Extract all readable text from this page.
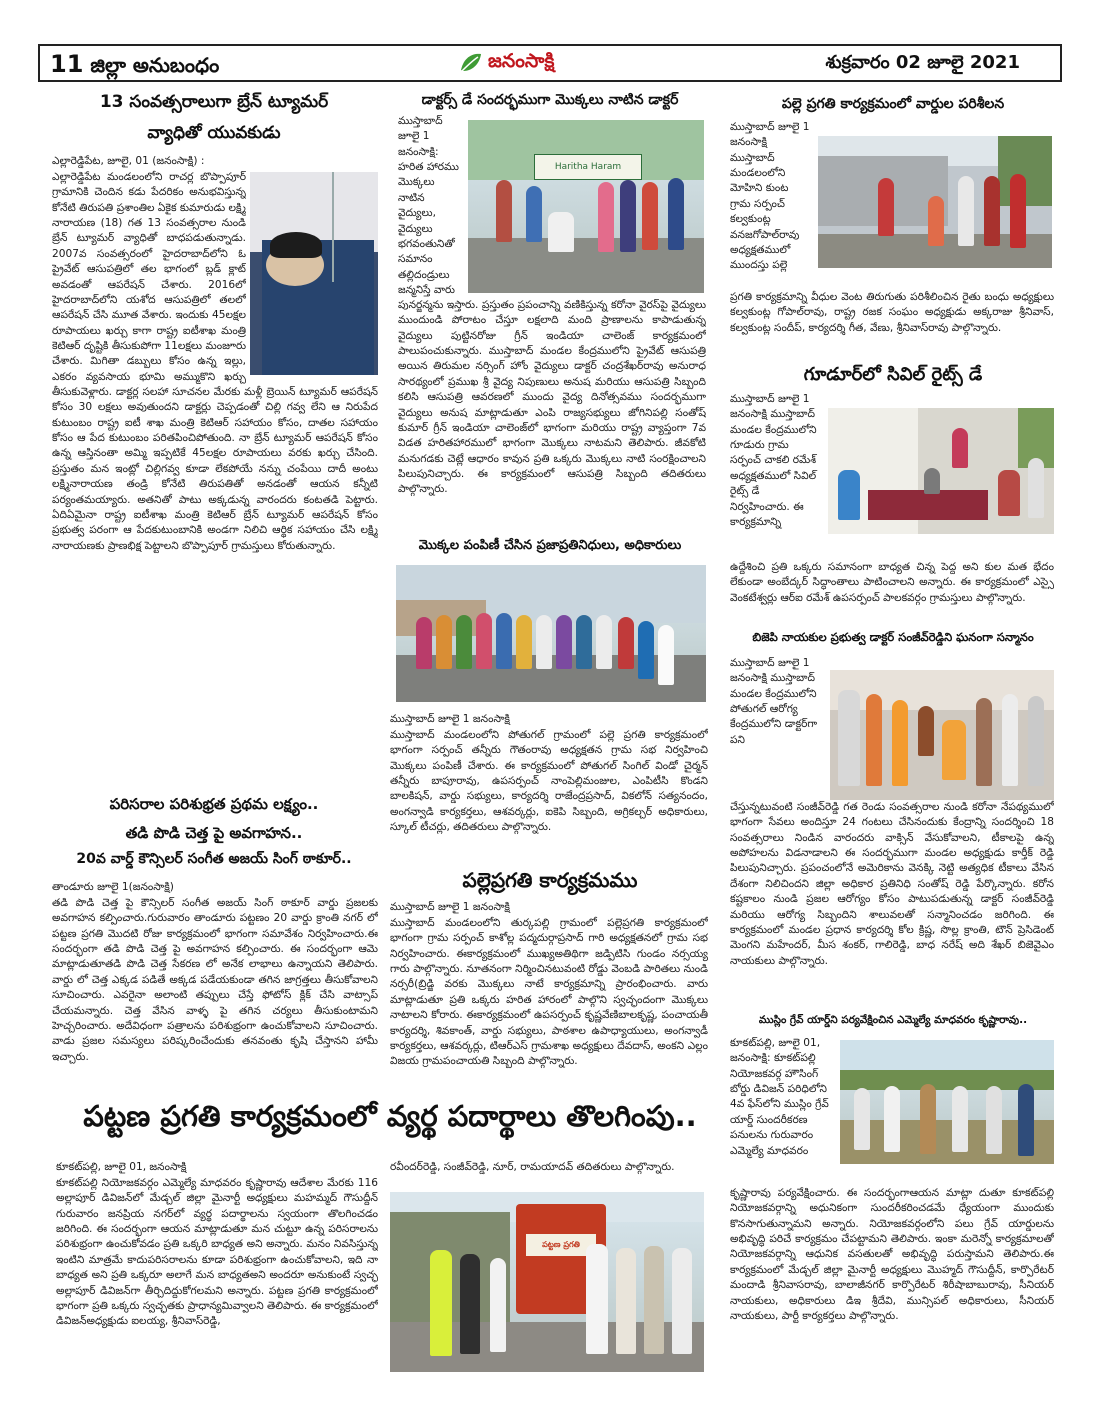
11 జిల్లా అనుబంధం	జనంసాక్షి	శుక్రవారం 02 జూలై 2021
13 సంవత్సరాలుగా బ్రేన్ ట్యూమర్
వ్యాధితో యువకుడు
ఎల్లారెడ్డిపేట, జూలై, 01 (జనంసాక్షి) :
ఎల్లారెడ్డిపేట మండలంలోని రాచర్ల బొప్పాపూర్ గ్రామానికి చెందిన కడు పేదరికం అనుభవిస్తున్న కోనేటి తిరుపతి ప్రశాంతిల ఏకైక కుమారుడు లక్ష్మి నారాయణ (18) గత 13 సంవత్సరాల నుండి బ్రేన్ ట్యూమర్ వ్యాధితో బాధపడుతున్నాడు. 2007వ సంవత్సరంలో హైదరాబాద్‌లోని ఓ ప్రైవేట్ ఆసుపత్రిలో తల భాగంలో బ్లడ్ క్లాట్ అవడంతో ఆపరేషన్ చేశారు. 2016లో హైదరాబాద్‌లోని యశోద ఆసుపత్రిలో తలలో ఆపరేషన్ చేసి మూత వేశారు. ఇందుకు 45లక్షల రూపాయలు ఖర్చు కాగా రాష్ట్ర ఐటీశాఖ మంత్రి కెటిఆర్ దృష్టికి తీసుకుపోగా 11లక్షలు మంజూరు చేశారు. మిగితా డబ్బులు కోసం ఉన్న ఇల్లు, ఎకరం వ్యవసాయ భూమి అమ్ముకొని ఖర్చు
తీసుకువెళ్లారు. డాక్టర్ల సలహా సూచనల మేరకు మళ్లీ బ్రెయిన్ ట్యూమర్ ఆపరేషన్ కోసం 30 లక్షలు అవుతుందని డాక్టర్లు చెప్పడంతో చిల్లి గవ్వ లేని ఆ నిరుపేద కుటుంబం రాష్ట్ర ఐటీ శాఖ మంత్రి కెటిఆర్ సహాయం కోసం, దాతల సహాయం కోసం ఆ పేద కుటుంబం పరితపించిపోతుంది. నా బ్రేన్ ట్యూమర్ ఆపరేషన్ కోసం ఉన్న ఆస్తినంతా అమ్మి ఇప్పటికే 45లక్షల రూపాయలు వరకు ఖర్చు చేసింది. ప్రస్తుతం మన ఇంట్లో చిల్లిగవ్వ కూడా లేకపోయే నన్ను చంపేయి దాదీ అంటు లక్ష్మినారాయణ తండ్రి కోనేటి తిరుపతితో అనడంతో ఆయన కన్నీటి పర్యంతమయ్యారు. అతనితో పాటు అక్కడున్న వారందరు కంటతడి పెట్టారు. ఏదిఏమైనా రాష్ట్ర ఐటీశాఖ మంత్రి కెటిఆర్ బ్రేన్ ట్యూమర్ ఆపరేషన్ కోసం ప్రభుత్వ పరంగా ఆ పేదకుటుంబానికి అండగా నిలిచి ఆర్థిక సహాయం చేసి లక్ష్మి నారాయణకు ప్రాణభిక్ష పెట్టాలని బొప్పాపూర్ గ్రామస్తులు కోరుతున్నారు.
పరిసరాల పరిశుభ్రత ప్రథమ లక్ష్యం..
తడి పొడి చెత్త పై అవగాహన..
20వ వార్డ్ కౌన్సిలర్ సంగీత అజయ్ సింగ్ ఠాకూర్..
తాండూరు జూలై 1(జనంసాక్షి)
తడి పొడి చెత్త పై కౌన్సిలర్ సంగీత అజయ్ సింగ్ ఠాకూర్ వార్డు ప్రజలకు అవగాహన కల్పించారు.గురువారం తాండూరు పట్టణం 20 వార్డు క్రాంతి నగర్ లో పట్టణ ప్రగతి మొదటి రోజు కార్యక్రమంలో భాగంగా సమావేశం నిర్వహించారు.ఈ సందర్భంగా తడి పొడి చెత్త పై అవగాహన కల్పించారు. ఈ సందర్భంగా ఆమె మాట్లాడుతూతడి పొడి చెత్త సేకరణ లో అనేక లాభాలు ఉన్నాయని తెలిపారు. వార్డు లో చెత్త ఎక్కడ పడితే అక్కడ పడేయకుండా తగిన జాగ్రత్తలు తీసుకోవాలని సూచించారు. ఎవరైనా అలాంటి తప్పులు చేస్తే ఫోటోస్ క్లిక్ చేసి వాట్సాప్ చేయమన్నారు. చెత్త వేసిన వాళ్ళ పై తగిన చర్యలు తీసుకుంటామని హెచ్చరించారు. అదేవిధంగా పత్రాలను పరిశుభ్రంగా ఉంచుకోవాలని సూచించారు. వాడు ప్రజల సమస్యలు పరిష్కరించేందుకు తనవంతు కృషి చేస్తానని హామీ ఇచ్చారు.
డాక్టర్స్ డే సందర్భముగా మొక్కలు నాటిన డాక్టర్
ముస్తాబాద్ జూలై 1 జనంసాక్షి: హరిత హారము మొక్కలు నాటిన వైద్యులు, వైద్యులు భగవంతునితో సమానం తల్లిదండ్రులు జన్మనిస్తే వారు
Haritha Haram
పునర్జన్మను ఇస్తారు. ప్రస్తుతం ప్రపంచాన్ని వణికిస్తున్న కరోనా వైరస్‌పై వైద్యులు ముందుండి పోరాటం చేస్తూ లక్షలాది మంది ప్రాణాలను కాపాడుతున్న వైద్యులు పుట్టినరోజు గ్రీన్ ఇండియా చాలెంజ్ కార్యక్రమంలో పాలుపంచుకున్నారు. ముస్తాబాద్ మండల కేంద్రములోని ప్రైవేట్ ఆసుపత్రి అయిన తిరుమల నర్సింగ్ హోం వైద్యులు డాక్టర్ చంద్రశేఖర్‌రావు అనురాధ సారథ్యంలో ప్రముఖ శ్రీ వైద్య నిపుణులు అనుష మరియు ఆసుపత్రి సిబ్బంది కలిసి ఆసుపత్రి ఆవరణలో ముందు వైద్య దినోత్సవము సందర్భముగా వైద్యులు అనుష మాట్లాడుతూ ఎంపి రాజ్యసభ్యులు జోగినిపల్లి సంతోష్ కుమార్ గ్రీన్ ఇండియా చాలెంజ్‌లో భాగంగా మరియు రాష్ట్ర వ్యాప్తంగా 7వ విడత హరితహారములో భాగంగా మొక్కలు నాటమని తెలిపారు. జీవకోటి మనుగడకు చెట్లే ఆధారం కావున ప్రతి ఒక్కరు మొక్కలు నాటి సంరక్షించాలని పిలుపునిచ్చారు. ఈ కార్యక్రమంలో ఆసుపత్రి సిబ్బంది తదితరులు పాల్గొన్నారు.
మొక్కల పంపిణీ చేసిన ప్రజాప్రతినిధులు, అధికారులు
ముస్తాబాద్ జూలై 1 జనంసాక్షి
ముస్తాబాద్ మండలంలోని పోతుగల్ గ్రామంలో పల్లె ప్రగతి కార్యక్రమంలో భాగంగా సర్పంచ్ తన్నీరు గౌతంరావు అధ్యక్షతన గ్రామ సభ నిర్వహించి మొక్కలు పంపిణీ చేశారు. ఈ కార్యక్రమంలో పోతుగల్ సింగిల్ విండో చైర్మన్ తన్నీరు బాపూరావు, ఉపసర్పంచ్ నాంపెల్లిమంజుల, ఎంపిటీసి కొండని బాలకిషన్, వార్డు సభ్యులు, కార్యదర్శి రాజేంద్రప్రసాద్, వికలోన్ సత్యనందం, అంగన్వాడి కార్యకర్తలు, ఆశవర్కర్లు, ఐకెపి సిబ్బంది, అగ్రికల్చర్ అధికారులు, స్కూల్ టీచర్లు, తదితరులు పాల్గొన్నారు.
పల్లెప్రగతి కార్యక్రమము
ముస్తాబాద్ జూలై 1 జనంసాక్షి
ముస్తాబాద్ మండలంలోని తుర్కపల్లి గ్రామంలో పల్లెప్రగతి కార్యక్రమంలో భాగంగా గ్రామ సర్పంచ్ కాశోల్ల పద్మదుర్గాప్రసాద్ గారి అధ్యక్షతనలో గ్రామ సభ నిర్వహించారు. ఈకార్యక్రమంలో ముఖ్యఅతిథిగా జడ్పిటిసి గుండం నర్సయ్య గారు పాల్గొన్నారు. నూతనంగా నిర్మించినటువంటి రోడ్డు వెంబడి పారితలు నుండి నర్సరీ(బ్రిడ్జి వరకు మొక్కలు నాటే కార్యక్రమాన్ని ప్రారంభించారు. వారు మాట్లాడుతూ ప్రతి ఒక్కరు హరిత హారంలో పాల్గొని స్వచ్ఛందంగా మొక్కలు నాటాలని కోరారు. ఈకార్యక్రమంలో ఉపసర్పంచ్ కృష్ణవేణిబాలకృష్ణ, పంచాయతీ కార్యదర్శి, శివకాంత్, వార్డు సభ్యులు, పాఠశాల ఉపాధ్యాయులు, అంగన్వాడీ కార్యకర్తలు, ఆశవర్కర్లు, టిఆర్ఎస్ గ్రామశాఖ అధ్యక్షులు దేవదాస్, అంకని ఎల్లం విజయ గ్రామపంచాయతి సిబ్బంది పాల్గొన్నారు.
పల్లె ప్రగతి కార్యక్రమంలో వార్డుల పరిశీలన
ముస్తాబాద్ జూలై 1 జనంసాక్షి ముస్తాబాద్ మండలంలోని మోహిని కుంట గ్రామ సర్పంచ్ కల్వకుంట్ల వనజగోపాల్‌రావు అధ్యక్షతములో ముందస్తు పల్లె
ప్రగతి కార్యక్రమాన్ని వీధుల వెంట తిరుగుతు పరిశీలించిన రైతు బంధు అధ్యక్షులు కల్వకుంట్ల గోపాల్‌రావు, రాష్ట్ర రజక సంఘం అధ్యక్షుడు అక్కరాజు శ్రీనివాస్, కల్వకుంట్ల సందీప్, కార్యదర్శి గీత, వేణు, శ్రీనివాస్‌రావు పాల్గొన్నారు.
గూడూర్‌లో సివిల్ రైట్స్ డే
ముస్తాబాద్ జూలై 1 జనంసాక్షి ముస్తాబాద్ మండల కేంద్రములోని గూడురు గ్రామ సర్పంచ్ చాకలి రమేశ్ అధ్యక్షతములో సివిల్ రైట్స్ డే నిర్వహించారు. ఈ కార్యక్రమాన్ని
ఉద్దేశించి ప్రతి ఒక్కరు సమానంగా బాధ్యత చిన్న పెద్ద అని కుల మత భేదం లేకుండా అంబేద్కర్ సిద్ధాంతాలు పాటించాలని అన్నారు. ఈ కార్యక్రమంలో ఎస్సై వెంకటేశ్వర్లు ఆర్‌ఐ రమేశ్ ఉపసర్పంచ్ పాలకవర్గం గ్రామస్తులు పాల్గొన్నారు.
బిజెపి నాయకుల ప్రభుత్వ డాక్టర్ సంజీవ్‌రెడ్డిని ఘనంగా సన్మానం
ముస్తాబాద్ జూలై 1 జనంసాక్షి ముస్తాబాద్ మండల కేంద్రములోని పోతుగల్ ఆరోగ్య కేంద్రములోని డాక్టర్‌గా పని
చేస్తున్నటువంటి సంజీవ్‌రెడ్డి గత రెండు సంవత్సరాల నుండి కరోనా నేపథ్యములో భాగంగా సేవలు అందిస్తూ 24 గంటలు చేసినందుకు కేంద్రాన్ని సందర్శించి 18 సంవత్సరాలు నిండిన వారందరు వాక్సిన్ వేసుకోవాలని, టీకాలపై ఉన్న అపోహలను విడనాడాలని ఈ సందర్భముగా మండల అధ్యక్షుడు కార్తీక్ రెడ్డి పిలుపునిచ్చారు. ప్రపంచంలోనే అమెరికాను వెనక్కి నెట్టి అత్యధిక టీకాలు వేసిన దేశంగా నిలిచిందని జిల్లా అధికార ప్రతినిధి సంతోష్ రెడ్డి పేర్కొన్నారు. కరోన కష్టకాలం నుండి ప్రజల ఆరోగ్యం కోసం పాటుపడుతున్న డాక్టర్ సంజీవ్‌రెడ్డి మరియు ఆరోగ్య సిబ్బందిని శాలువలతో సన్మానించడం జరిగింది. ఈ కార్యక్రమంలో మండల ప్రధాన కార్యదర్శి కోల క్రిష్ణ, సొల్ల క్రాంతి, టౌన్ ప్రెసిడెంట్ మెంగని మహేందర్, మీస శంకర్, గాలిరెడ్డి, బాధ నరేష్ అది శేఖర్ బిజెవైఎం నాయకులు పాల్గొన్నారు.
ముస్లిం గ్రేవ్ యార్డ్‌ని పర్యవేక్షించిన ఎమ్మెల్యే మాధవరం కృష్ణారావు..
కూకట్‌పల్లి, జూలై 01, జనంసాక్షి: కూకట్‌పల్లి నియోజకవర్గ హౌసింగ్ బోర్డు డివిజన్ పరిధిలోని 4వ ఫేస్‌లోని ముస్లిం గ్రేవ్ యార్డ్ సుందరీకరణ పనులను గురువారం ఎమ్మెల్యే మాధవరం
కృష్ణారావు పర్యవేక్షించారు. ఈ సందర్భంగాఆయన మాట్లా దుతూ కూకట్‌పల్లి నియోజకవర్గాన్ని అధునికంగా సుందరీకరించడమే ధ్యేయంగా ముందుకు కొనసాగుతున్నామని అన్నారు. నియోజకవర్గంలోని పలు గ్రేవ్ యార్డులను అభివృద్ధి పరిచే కార్యక్రమం చేపట్టామని తెలిపారు. ఇంకా మరెన్నో కార్యక్రమాలతో నియోజకవర్గాన్ని ఆధునిక వసతులతో అభివృద్ధి పరుస్తామని తెలిపారు.ఈ కార్యక్రమంలో మేడ్చల్ జిల్లా మైనార్టీ అధ్యక్షులు మొహ్మద్ గౌసుద్దీన్, కార్పొరేటర్ మందాడి శ్రీనివాసరావు, బాలాజీనగర్ కార్పొరేటర్ శిరీషాబాబురావు, సీనియర్ నాయకులు, అధికారులు డిఇ శ్రీదేవి, మున్సిపల్ అధికారులు, సీనియర్ నాయకులు, పార్టీ కార్యకర్తలు పాల్గొన్నారు.
పట్టణ ప్రగతి కార్యక్రమంలో వ్యర్థ పదార్థాలు తొలగింపు..
కూకట్‌పల్లి, జూలై 01, జనంసాక్షి
కూకట్‌పల్లి నియోజకవర్గం ఎమ్మెల్యే మాధవరం కృష్ణారావు ఆదేశాల మేరకు 116 అల్లాపూర్ డివిజన్‌లో మేడ్చల్ జిల్లా మైనార్టీ అధ్యక్షులు మహమ్మద్ గౌసుద్దీన్ గురువారం జనప్రియ నగర్‌లో వ్యర్థ పదార్థాలను స్వయంగా తొలగించడం జరిగింది. ఈ సందర్భంగా ఆయన మాట్లాడుతూ మన చుట్టూ ఉన్న పరిసరాలను పరిశుభ్రంగా ఉంచుకోవడం ప్రతి ఒక్కరి బాధ్యత అని అన్నారు. మనం నివసిస్తున్న ఇంటిని మాత్రమే కాదుపరిసరాలను కూడా పరిశుభ్రంగా ఉంచుకోవాలని, ఇది నా బాధ్యత అని ప్రతి ఒక్కరూ అలాగే మన బాధ్యతఅని అందరూ అనుకుంటే స్వచ్ఛ అల్లాపూర్ డివిజన్‌గా తీర్చిదిద్దుకోగలమని అన్నారు. పట్టణ ప్రగతి కార్యక్రమంలో భాగంగా ప్రతి ఒక్కరు స్వచ్ఛతకు ప్రాధాన్యమివ్వాలని తెలిపారు. ఈ కార్యక్రమంలో డివిజన్‌అధ్యక్షుడు ఐలయ్య, శ్రీనివాస్‌రెడ్డి,
రవీందర్‌రెడ్డి, సంజీవ్‌రెడ్డి, నూర్, రామయాదవ్ తదితరులు పాల్గొన్నారు.
పట్టణ ప్రగతి
